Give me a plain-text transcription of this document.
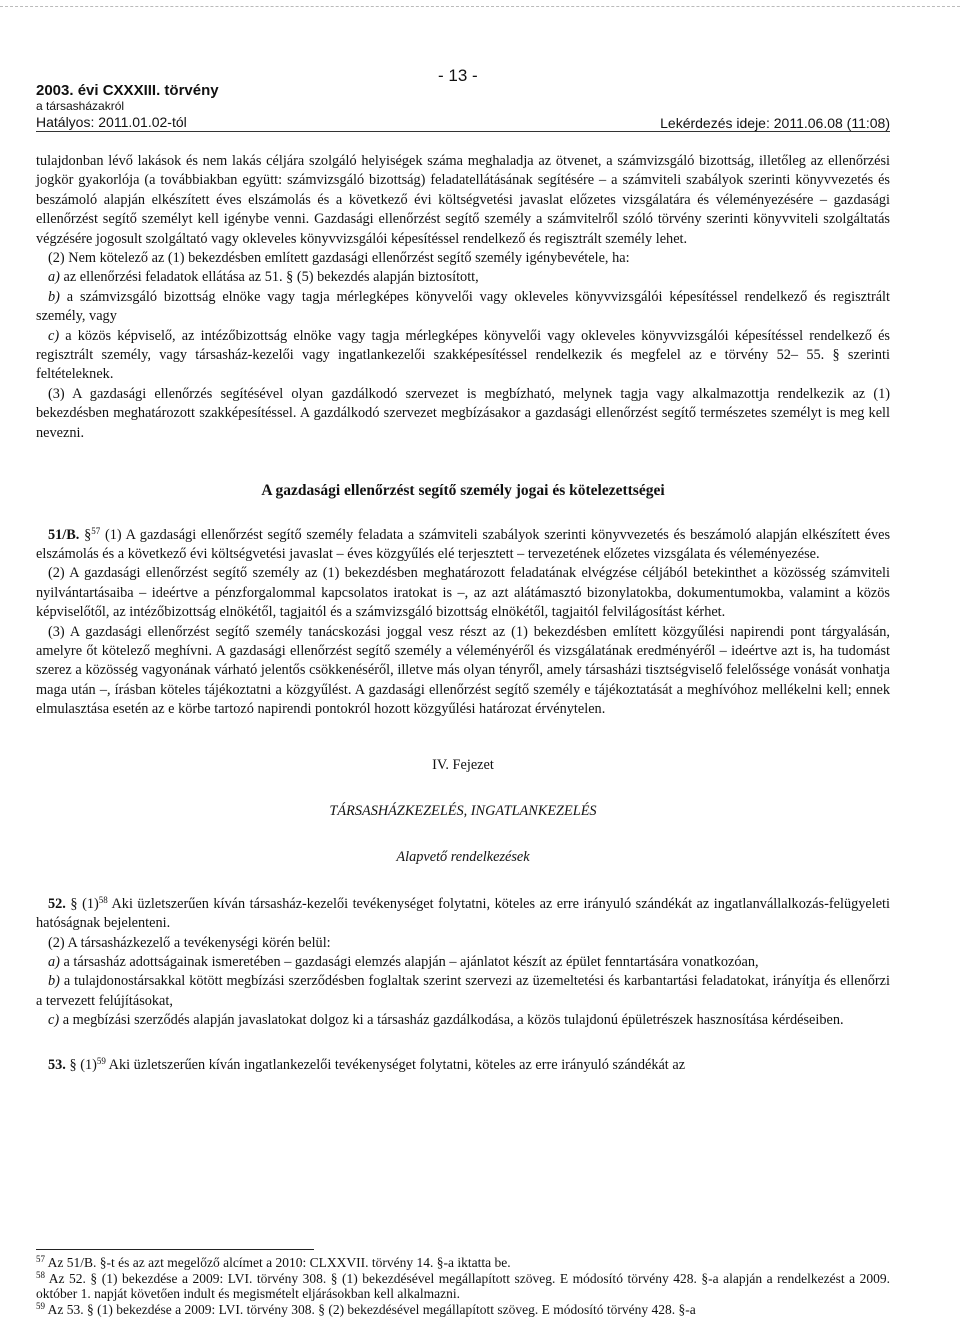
- 13 -
2003. évi CXXXIII. törvény
a társasházakról
Hatályos: 2011.01.02-tól	Lekérdezés ideje: 2011.06.08 (11:08)

tulajdonban lévő lakások és nem lakás céljára szolgáló helyiségek száma meghaladja az ötvenet, a számvizsgáló bizottság, illetőleg az ellenőrzési jogkör gyakorlója (a továbbiakban együtt: számvizsgáló bizottság) feladatellátásának segítésére – a számviteli szabályok szerinti könyvvezetés és beszámoló alapján elkészített éves elszámolás és a következő évi költségvetési javaslat előzetes vizsgálatára és véleményezésére – gazdasági ellenőrzést segítő személyt kell igénybe venni. Gazdasági ellenőrzést segítő személy a számvitelről szóló törvény szerinti könyvviteli szolgáltatás végzésére jogosult szolgáltató vagy okleveles könyvvizsgálói képesítéssel rendelkező és regisztrált személy lehet.

(2) Nem kötelező az (1) bekezdésben említett gazdasági ellenőrzést segítő személy igénybevétele, ha:

a) az ellenőrzési feladatok ellátása az 51. § (5) bekezdés alapján biztosított,

b) a számvizsgáló bizottság elnöke vagy tagja mérlegképes könyvelői vagy okleveles könyvvizsgálói képesítéssel rendelkező és regisztrált személy, vagy

c) a közös képviselő, az intézőbizottság elnöke vagy tagja mérlegképes könyvelői vagy okleveles könyvvizsgálói képesítéssel rendelkező és regisztrált személy, vagy társasház-kezelői vagy ingatlankezelői szakképesítéssel rendelkezik és megfelel az e törvény 52– 55. § szerinti feltételeknek.

(3) A gazdasági ellenőrzés segítésével olyan gazdálkodó szervezet is megbízható, melynek tagja vagy alkalmazottja rendelkezik az (1) bekezdésben meghatározott szakképesítéssel. A gazdálkodó szervezet megbízásakor a gazdasági ellenőrzést segítő természetes személyt is meg kell nevezni.

A gazdasági ellenőrzést segítő személy jogai és kötelezettségei

51/B. §$^{57}$ (1) A gazdasági ellenőrzést segítő személy feladata a számviteli szabályok szerinti könyvvezetés és beszámoló alapján elkészített éves elszámolás és a következő évi költségvetési javaslat – éves közgyűlés elé terjesztett – tervezetének előzetes vizsgálata és véleményezése.

(2) A gazdasági ellenőrzést segítő személy az (1) bekezdésben meghatározott feladatának elvégzése céljából betekinthet a közösség számviteli nyilvántartásaiba – ideértve a pénzforgalommal kapcsolatos iratokat is –, az azt alátámasztó bizonylatokba, dokumentumokba, valamint a közös képviselőtől, az intézőbizottság elnökétől, tagjaitól és a számvizsgáló bizottság elnökétől, tagjaitól felvilágosítást kérhet.

(3) A gazdasági ellenőrzést segítő személy tanácskozási joggal vesz részt az (1) bekezdésben említett közgyűlési napirendi pont tárgyalásán, amelyre őt kötelező meghívni. A gazdasági ellenőrzést segítő személy a véleményéről és vizsgálatának eredményéről – ideértve azt is, ha tudomást szerez a közösség vagyonának várható jelentős csökkenéséről, illetve más olyan tényről, amely társasházi tisztségviselő felelőssége vonását vonhatja maga után –, írásban köteles tájékoztatni a közgyűlést. A gazdasági ellenőrzést segítő személy e tájékoztatását a meghívóhoz mellékelni kell; ennek elmulasztása esetén az e körbe tartozó napirendi pontokról hozott közgyűlési határozat érvénytelen.

IV. Fejezet

TÁRSASHÁZKEZELÉS, INGATLANKEZELÉS

Alapvető rendelkezések

52. § $(1)^{58}$ Aki üzletszerűen kíván társasház-kezelői tevékenységet folytatni, köteles az erre irányuló szándékát az ingatlanvállalkozás-felügyeleti hatóságnak bejelenteni.

(2) A társasházkezelő a tevékenységi körén belül:

a) a társasház adottságainak ismeretében – gazdasági elemzés alapján – ajánlatot készít az épület fenntartására vonatkozóan,

b) a tulajdonostársakkal kötött megbízási szerződésben foglaltak szerint szervezi az üzemeltetési és karbantartási feladatokat, irányítja és ellenőrzi a tervezett felújításokat,

c) a megbízási szerződés alapján javaslatokat dolgoz ki a társasház gazdálkodása, a közös tulajdonú épületrészek hasznosítása kérdéseiben.

53. § $(1)^{59}$ Aki üzletszerűen kíván ingatlankezelői tevékenységet folytatni, köteles az erre irányuló szándékát az

$^{57}$ Az 51/B. §-t és az azt megelőző alcímet a 2010: CLXXVII. törvény 14. §-a iktatta be.

$^{58}$ Az 52. § (1) bekezdése a 2009: LVI. törvény 308. § (1) bekezdésével megállapított szöveg. E módosító törvény 428. §-a alapján a rendelkezést a 2009. október 1. napját követően indult és megismételt eljárásokban kell alkalmazni.

$^{59}$ Az 53. § (1) bekezdése a 2009: LVI. törvény 308. § (2) bekezdésével megállapított szöveg. E módosító törvény 428. §-a
